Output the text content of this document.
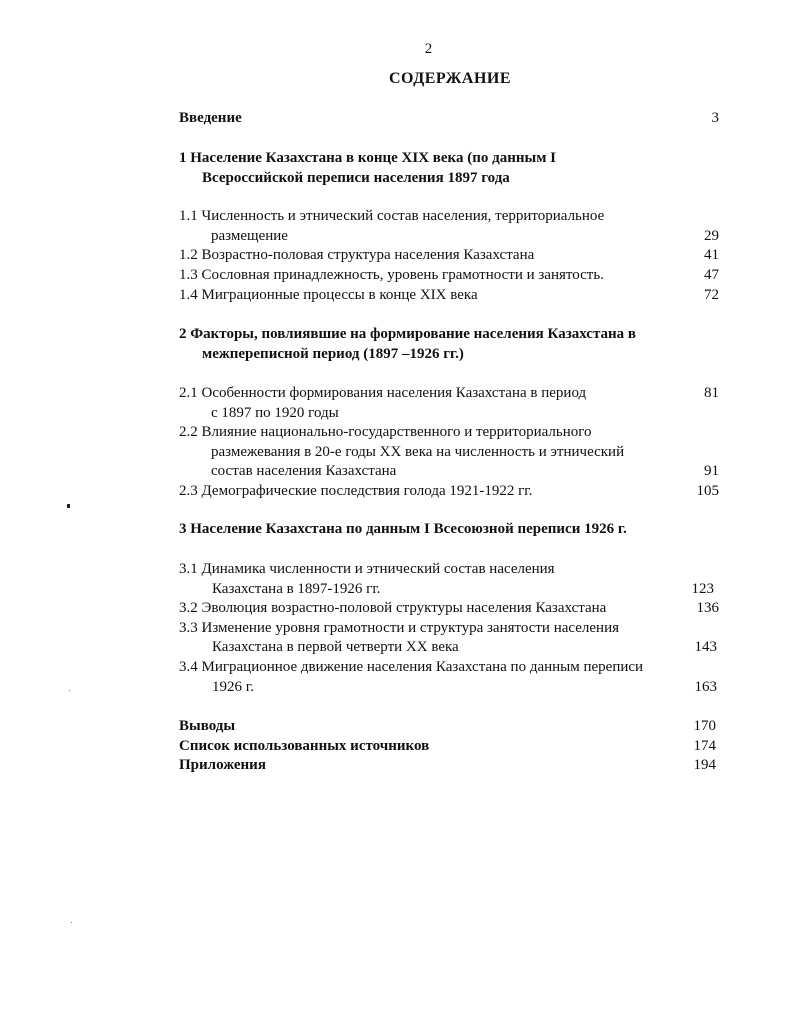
2
СОДЕРЖАНИЕ
Введение	3
1 Население Казахстана в конце XIX века (по данным I
Всероссийской переписи населения 1897 года
1.1 Численность и этнический состав населения, территориальное
размещение	29
1.2 Возрастно-половая структура населения Казахстана	41
1.3 Сословная принадлежность, уровень грамотности и занятость.	47
1.4 Миграционные процессы в конце XIX века	72
2 Факторы, повлиявшие на формирование населения Казахстана в
межпереписной период (1897 –1926 гг.)
2.1 Особенности формирования населения Казахстана в период	81
с 1897 по 1920 годы
2.2 Влияние национально-государственного и территориального
размежевания в 20-е годы XX века на численность и этнический
состав населения Казахстана	91
2.3 Демографические последствия голода 1921-1922 гг.	105
3 Население Казахстана по данным I Всесоюзной переписи 1926 г.
3.1 Динамика численности и этнический состав населения
Казахстана в 1897-1926 гг.	123
3.2 Эволюция возрастно-половой структуры населения Казахстана	136
3.3 Изменение уровня грамотности и структура занятости населения
Казахстана в первой четверти XX века	143
3.4 Миграционное движение населения Казахстана по данным переписи
1926 г.	163
Выводы	170
Список использованных источников	174
Приложения	194
